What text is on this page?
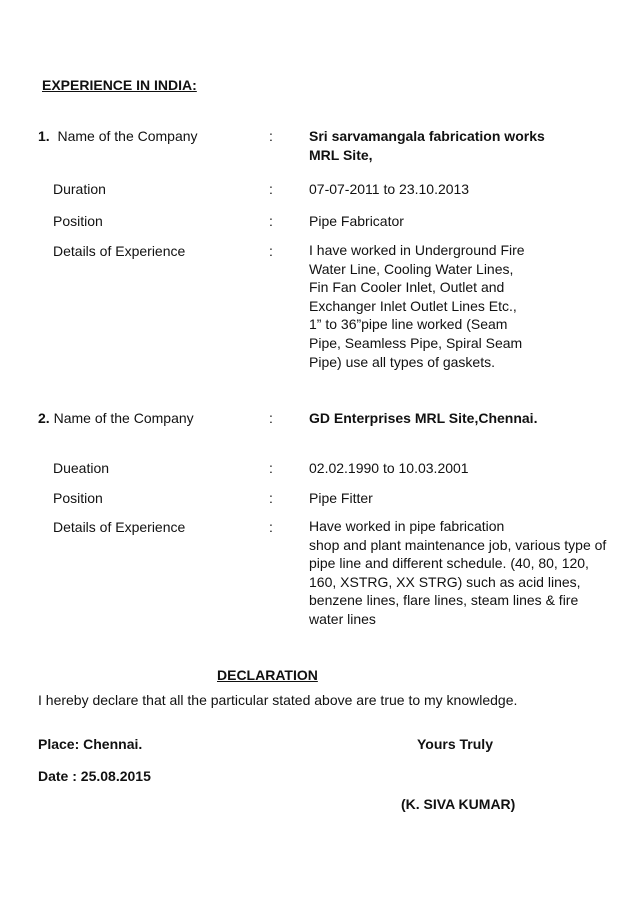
EXPERIENCE IN INDIA:
1. Name of the Company	:	Sri sarvamangala fabrication works
MRL Site,
Duration	:	07-07-2011 to 23.10.2013
Position	:	Pipe Fabricator
Details of Experience	:	I have worked in Underground Fire
Water Line, Cooling Water Lines,
Fin Fan Cooler Inlet, Outlet and
Exchanger Inlet Outlet Lines Etc.,
1” to 36”pipe line worked (Seam
Pipe, Seamless Pipe, Spiral Seam
Pipe) use all types of gaskets.
2. Name of the Company	:	GD Enterprises MRL Site,Chennai.
Dueation	:	02.02.1990 to 10.03.2001
Position	:	Pipe Fitter
Details of Experience	:	Have worked in pipe fabrication
shop and plant maintenance job, various type of
pipe line and different schedule. (40, 80, 120,
160, XSTRG, XX STRG) such as acid lines,
benzene lines, flare lines, steam lines & fire
water lines
DECLARATION
I hereby declare that all the particular stated above are true to my knowledge.
Place: Chennai.	Yours Truly
Date : 25.08.2015
(K. SIVA KUMAR)
